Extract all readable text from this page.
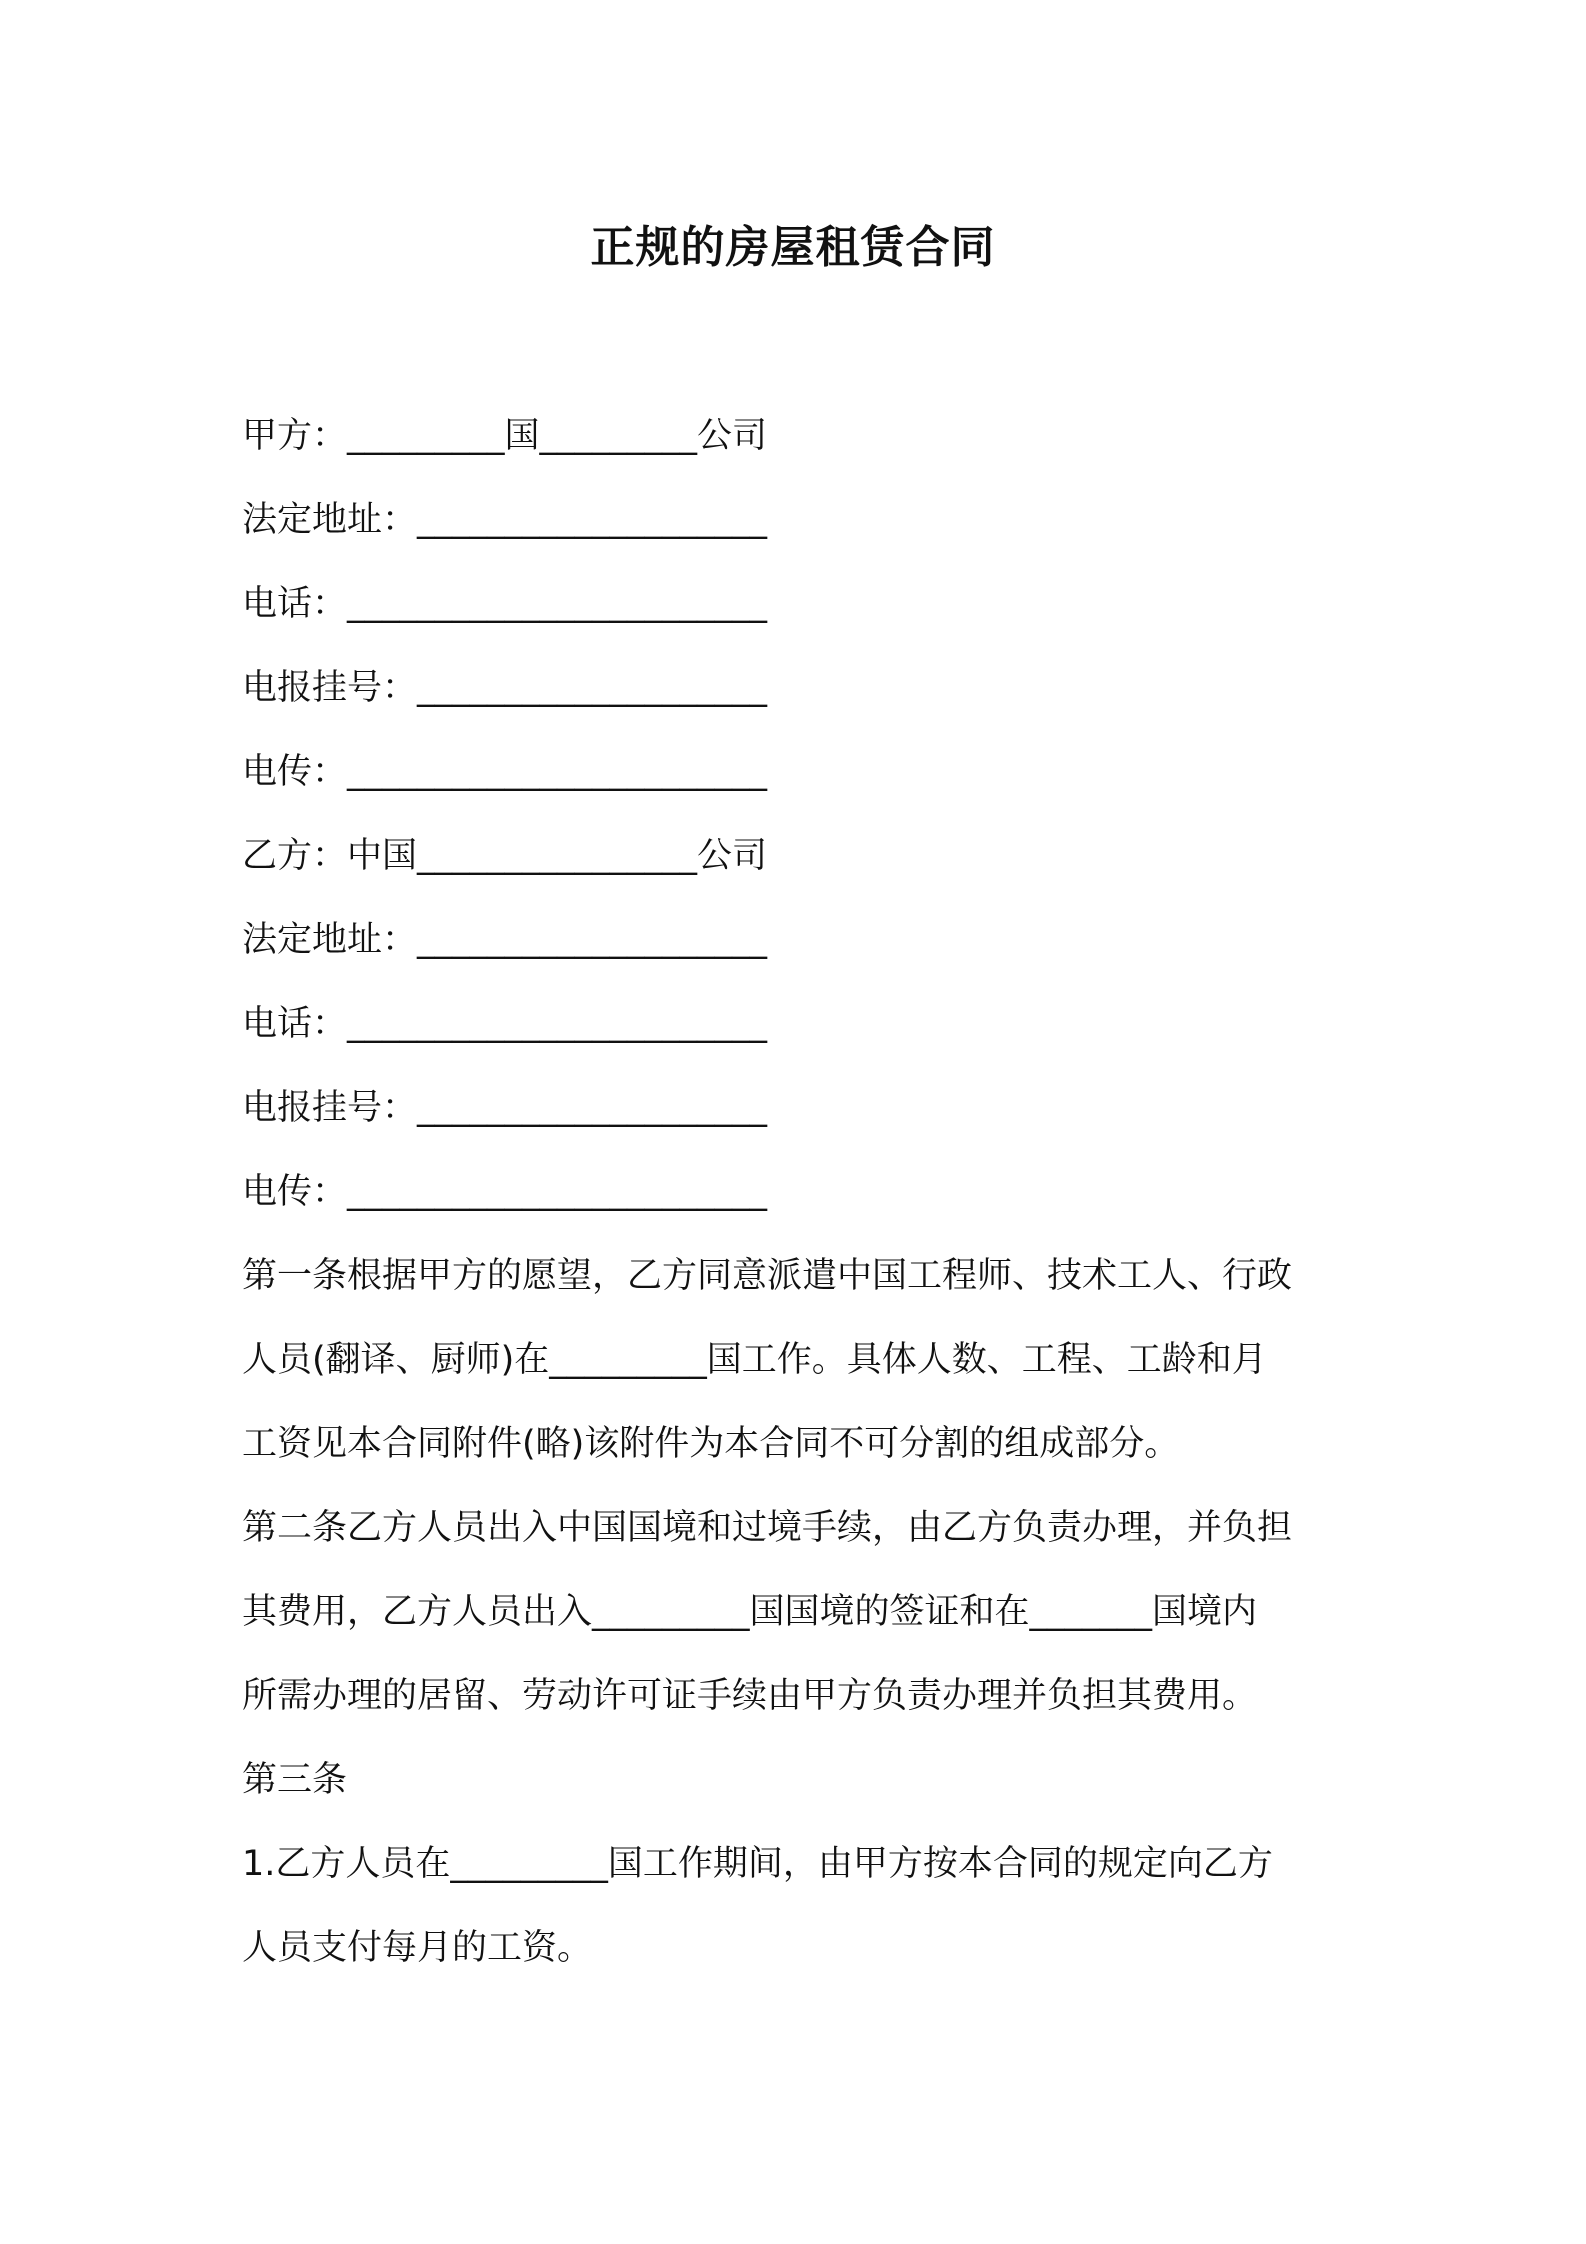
正规的房屋租赁合同
甲方：_________国_________公司
法定地址：____________________
电话：________________________
电报挂号：____________________
电传：________________________
乙方：中国________________公司
法定地址：____________________
电话：________________________
电报挂号：____________________
电传：________________________
第一条根据甲方的愿望，乙方同意派遣中国工程师、技术工人、行政
人员(翻译、厨师)在_________国工作。具体人数、工程、工龄和月
工资见本合同附件(略)该附件为本合同不可分割的组成部分。
第二条乙方人员出入中国国境和过境手续，由乙方负责办理，并负担
其费用，乙方人员出入_________国国境的签证和在_______国境内
所需办理的居留、劳动许可证手续由甲方负责办理并负担其费用。
第三条
1.乙方人员在_________国工作期间，由甲方按本合同的规定向乙方
人员支付每月的工资。
